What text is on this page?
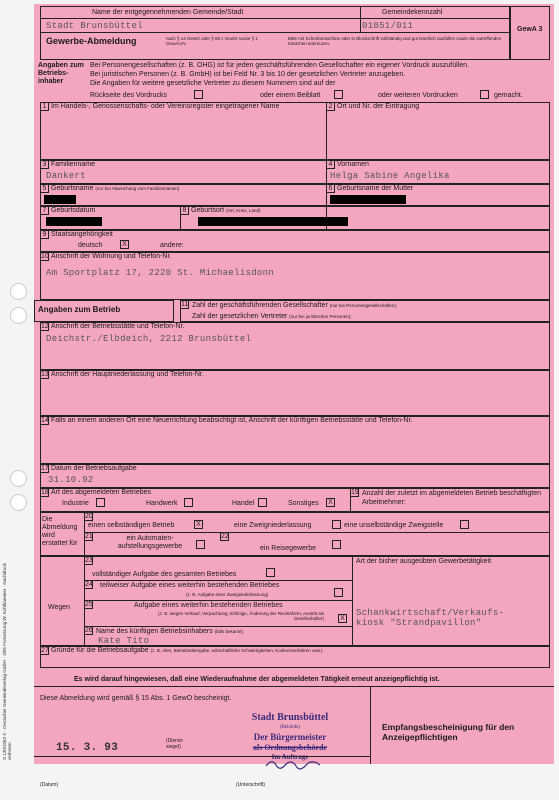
S 130/1063 X · Deutscher Gemeindeverlag GmbH · 3/85 Fortsetzung W. Kohlhammer · Nachdruck verboten
GewA 3
Name der entgegennehmenden Gemeinde/Stadt	Gemeindekennzahl
Stadt Brunsbüttel	01051/011
Gewerbe-Abmeldung	nach § 14 GewO oder § 55 c GewO sowie § 1 GewAnzV
Bitte mit Schreibmaschine oder in Blockschrift vollständig und gut leserlich ausfüllen sowie die zutreffenden Kästchen ankreuzen.
Angaben zum Betriebs-inhaber
Bei Personengesellschaften (z. B. OHG) ist für jeden geschäftsführenden Gesellschafter ein eigener Vordruck auszufüllen.
Bei juristischen Personen (z. B. GmbH) ist bei Feld Nr. 3 bis 10 der gesetzlichen Vertreter anzugeben.
Die Angaben für weitere gesetzliche Vertreter zu diesem Nummern sind auf der
Rückseite des Vordrucks	oder einem Beiblatt	oder weiteren Vordrucken	gemacht.
1 Im Handels-, Genossenschafts- oder Vereinsregister eingetragener Name	2 Ort und Nr. der Eintragung
3 Familienname
Dankert
4 Vornamen
Helga Sabine Angelika
5 Geburtsname (nur bei Abweichung vom Familiennamen)	6 Geburtsname der Mutter
7 Geburtsdatum	8 Geburtsort (Ort, Kreis, Land)
9 Staatsangehörigkeit
deutsch	X	andere:
10 Anschrift der Wohnung und Telefon-Nr.
Am Sportplatz 17, 2220 St. Michaelisdonn
Angaben zum Betrieb
11 Zahl der geschäftsführenden Gesellschafter (nur bei Personengesellschaften);
Zahl der gesetzlichen Vertreter (nur bei juristischen Personen);
12 Anschrift der Betriebsstätte und Telefon-Nr.
Deichstr./Elbdeich, 2212 Brunsbüttel
13 Anschrift der Hauptniederlassung und Telefon-Nr.
14 Falls an einem anderen Ort eine Neuerrichtung beabsichtigt ist, Anschrift der künftigen Betriebsstätte und Telefon-Nr.
17 Datum der Betriebsaufgabe
31.10.92
18 Art des abgemeldeten Betriebes
Industrie	Handwerk	Handel	Sonstiges	X
19 Anzahl der zuletzt im abgemeldeten Betrieb beschäftigten Arbeitnehmer:
Die Abmeldung wird erstattet für
20
einen selbständigen Betrieb	X	eine Zweigniederlassung	eine unselbständige Zweigstelle
21	ein Automaten-aufstellungsgewerbe
22
ein Reisegewerbe
Wegen
23
vollständiger Aufgabe des gesamten Betriebes
24 teilweiser Aufgabe eines weiterhin bestehenden Betriebes
(z. B. Aufgabe einer Zweigniederlassung)
25	Aufgabe eines weiterhin bestehenden Betriebes
(z. B. wegen Verkauf, Verpachtung, Erbfolge, Änderung der Rechtsform, Austritt als Gesellschafter)	X
Art der bisher ausgeübten Gewerbetätigkeit
Schankwirtschaft/Verkaufs-
kiosk "Strandpavillon"
26 Name des künftigen Betriebsinhabers (falls bekannt)
Kate Tito
27 Gründe für die Betriebsaufgabe (z. B. Alter, Betriebsübergabe, wirtschaftliche Schwierigkeiten, Konkursverfahren usw.)
Es wird darauf hingewiesen, daß eine Wiederaufnahme der abgemeldeten Tätigkeit erneut anzeigepflichtig ist.
Diese Abmeldung wird gemäß § 15 Abs. 1 GewO bescheinigt.
15. 3. 93
(Dienst-siegel)
Stadt Brunsbüttel
(Behörde)
Der Bürgermeister
als Ordnungsbehörde
Im Auftrage
Empfangsbescheinigung für den Anzeigepflichtigen
(Datum)	(Unterschrift)
